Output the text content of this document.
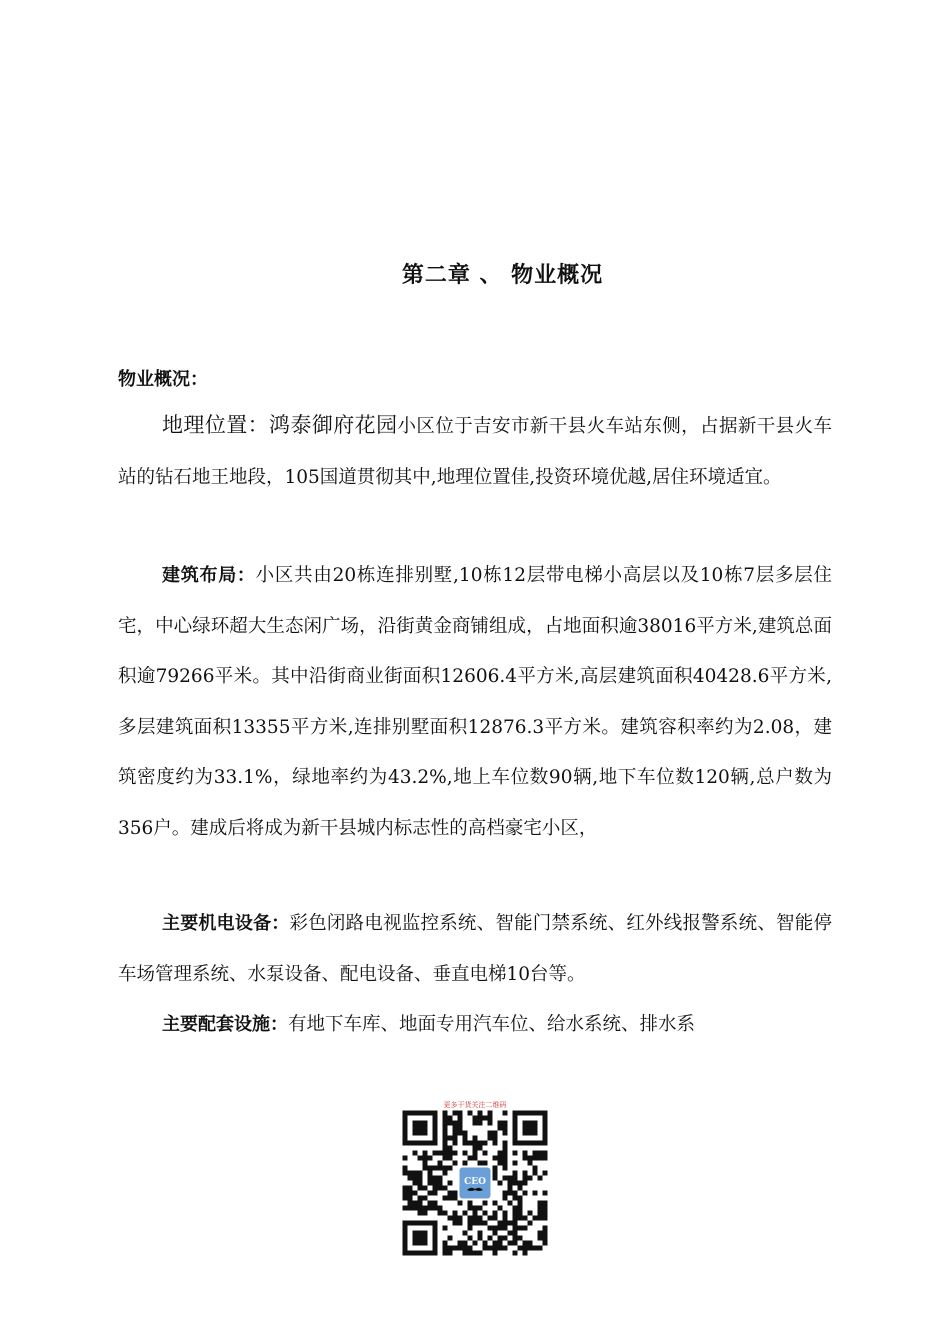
第二章 、 物业概况
物业概况：

地理位置：鸿泰御府花园小区位于吉安市新干县火车站东侧，占据新干县火车站的钻石地王地段，105国道贯彻其中,地理位置佳,投资环境优越,居住环境适宜。

建筑布局：小区共由20栋连排别墅,10栋12层带电梯小高层以及10栋7层多层住宅，中心绿环超大生态闲广场，沿街黄金商铺组成，占地面积逾38016平方米,建筑总面积逾79266平米。其中沿街商业街面积12606.4平方米,高层建筑面积40428.6平方米,多层建筑面积13355平方米,连排别墅面积12876.3平方米。建筑容积率约为2.08，建筑密度约为33.1%，绿地率约为43.2%,地上车位数90辆,地下车位数120辆,总户数为356户。建成后将成为新干县城内标志性的高档豪宅小区，

主要机电设备：彩色闭路电视监控系统、智能门禁系统、红外线报警系统、智能停车场管理系统、水泵设备、配电设备、垂直电梯10台等。

主要配套设施：有地下车库、地面专用汽车位、给水系统、排水系

更多干货关注二维码
CEO
